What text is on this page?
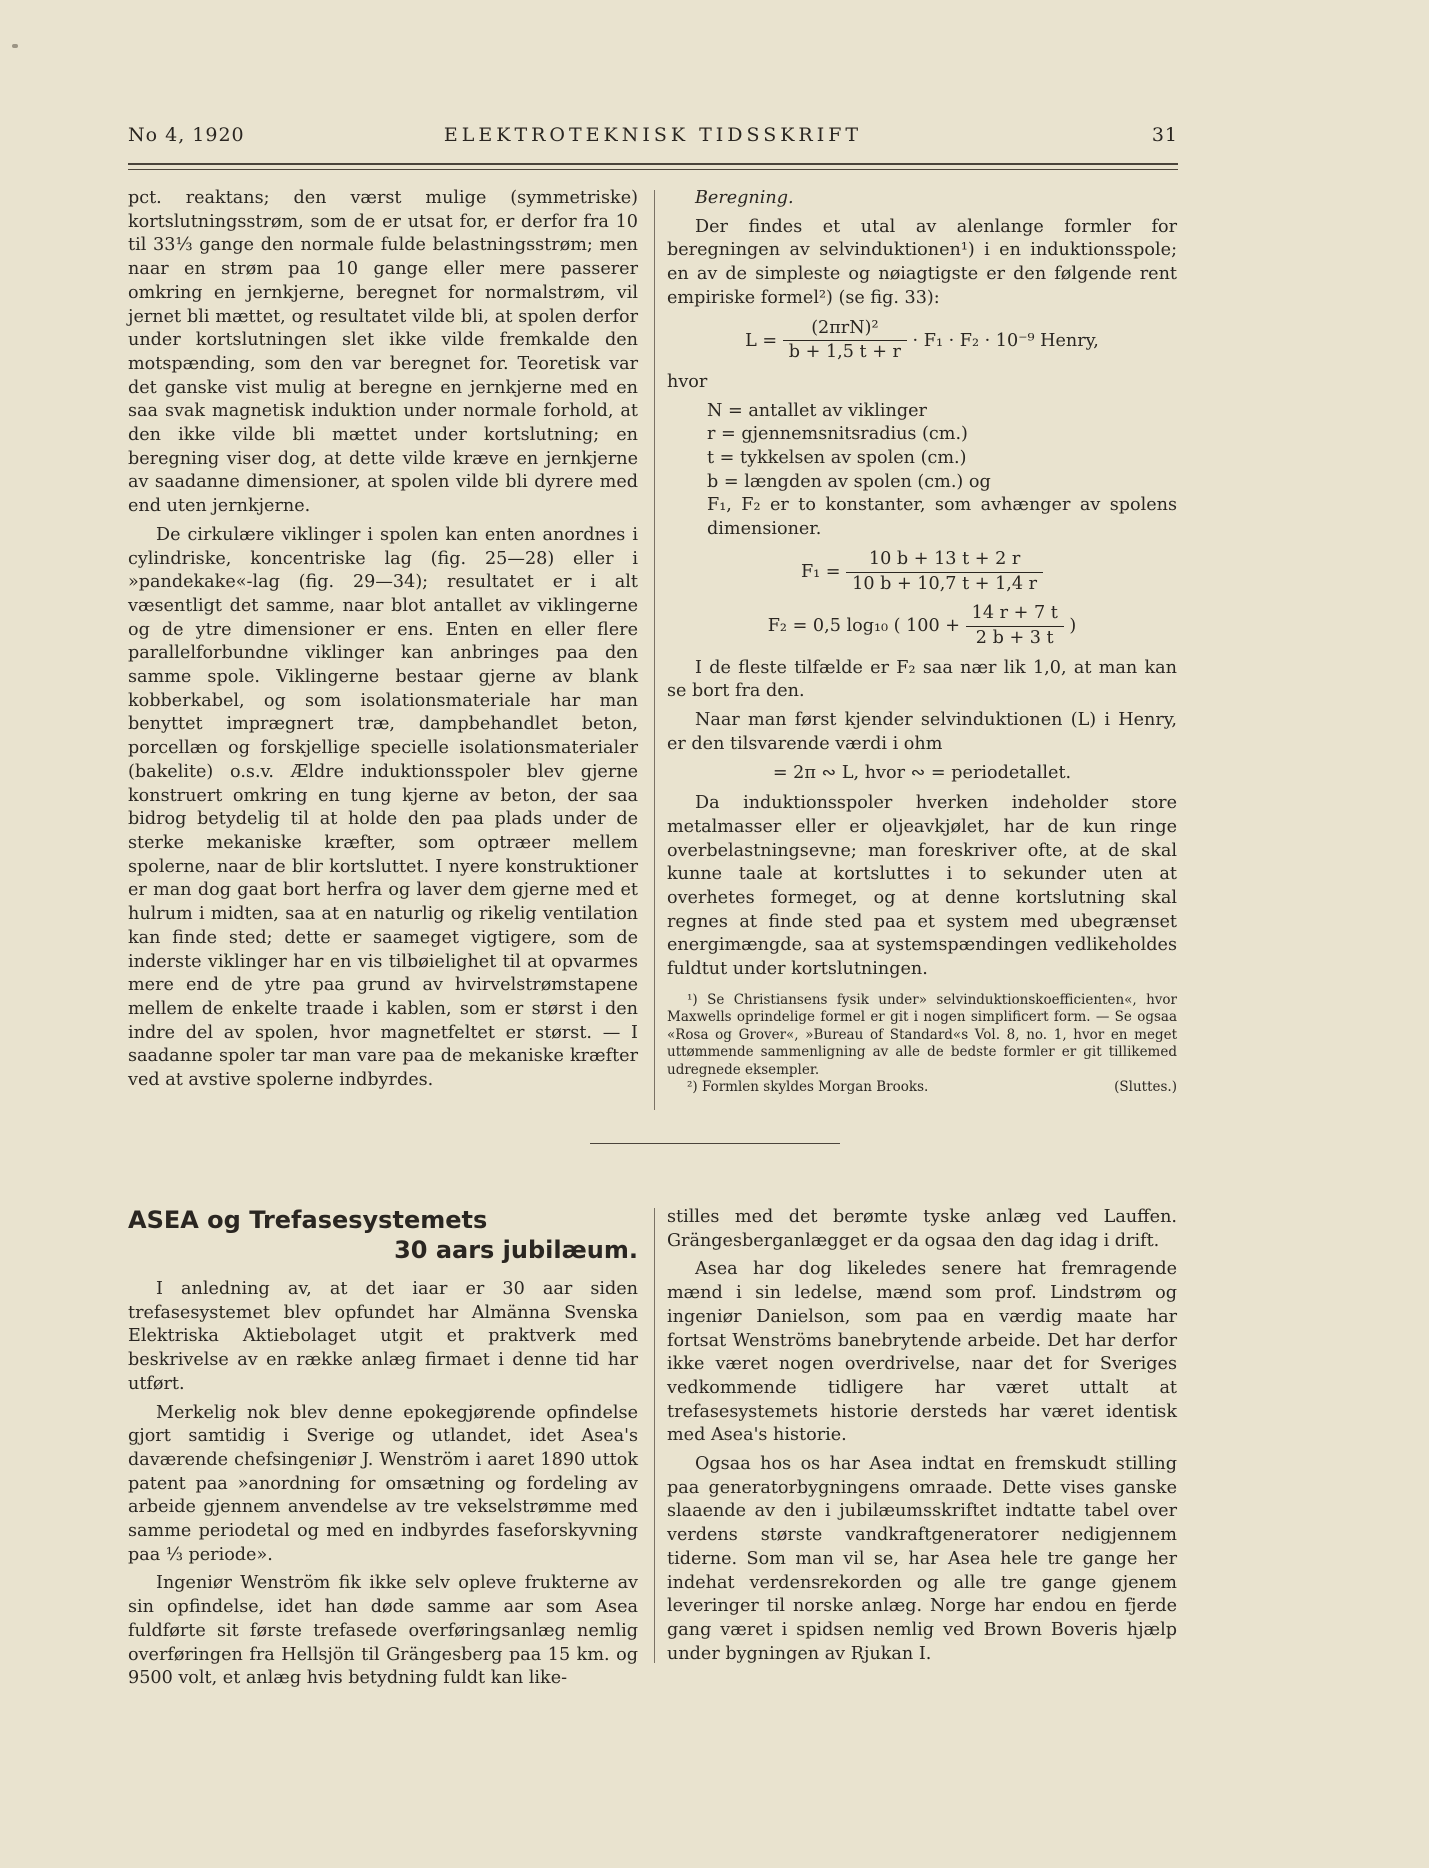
No 4, 1920	ELEKTROTEKNISK TIDSSKRIFT	31

pct. reaktans; den værst mulige (symmetriske) kortslutningsstrøm, som de er utsat for, er derfor fra 10 til 33⅓ gange den normale fulde belastningsstrøm; men naar en strøm paa 10 gange eller mere passerer omkring en jernkjerne, beregnet for normalstrøm, vil jernet bli mættet, og resultatet vilde bli, at spolen derfor under kortslutningen slet ikke vilde fremkalde den motspænding, som den var beregnet for. Teoretisk var det ganske vist mulig at beregne en jernkjerne med en saa svak magnetisk induktion under normale forhold, at den ikke vilde bli mættet under kortslutning; en beregning viser dog, at dette vilde kræve en jernkjerne av saadanne dimensioner, at spolen vilde bli dyrere med end uten jernkjerne.

De cirkulære viklinger i spolen kan enten anordnes i cylindriske, koncentriske lag (fig. 25—28) eller i »pandekake«-lag (fig. 29—34); resultatet er i alt væsentligt det samme, naar blot antallet av viklingerne og de ytre dimensioner er ens. Enten en eller flere parallelforbundne viklinger kan anbringes paa den samme spole. Viklingerne bestaar gjerne av blank kobberkabel, og som isolationsmateriale har man benyttet imprægnert træ, dampbehandlet beton, porcellæn og forskjellige specielle isolationsmaterialer (bakelite) o.s.v. Ældre induktionsspoler blev gjerne konstruert omkring en tung kjerne av beton, der saa bidrog betydelig til at holde den paa plads under de sterke mekaniske kræfter, som optræer mellem spolerne, naar de blir kortsluttet. I nyere konstruktioner er man dog gaat bort herfra og laver dem gjerne med et hulrum i midten, saa at en naturlig og rikelig ventilation kan finde sted; dette er saameget vigtigere, som de inderste viklinger har en vis tilbøielighet til at opvarmes mere end de ytre paa grund av hvirvelstrømstapene mellem de enkelte traade i kablen, som er størst i den indre del av spolen, hvor magnetfeltet er størst. — I saadanne spoler tar man vare paa de mekaniske kræfter ved at avstive spolerne indbyrdes.

Beregning.

Der findes et utal av alenlange formler for beregningen av selvinduktionen¹) i en induktionsspole; en av de simpleste og nøiagtigste er den følgende rent empiriske formel²) (se fig. 33):

$L = \frac{\text{(2πrN)²}}{b + 1,5 t + r} \cdot F_1 \cdot F_2 \cdot 10^{-9}$ Henry,

hvor

N = antallet av viklinger
r = gjennemsnitsradius (cm.)
t = tykkelsen av spolen (cm.)
b = længden av spolen (cm.) og
F₁, F₂ er to konstanter, som avhænger av spolens dimensioner.
$F_1 = \frac{10 b + 13 t + 2 r}{10 b + 10,7 t + 1,4 r}$
F₂ = 0,5 log₁₀ ( $100 + \frac{14 r + 7 t}{2 b + 3 t}$ )

I de fleste tilfælde er F₂ saa nær lik 1,0, at man kan se bort fra den.

Naar man først kjender selvinduktionen (L) i Henry, er den tilsvarende værdi i ohm

= 2π ∾ L, hvor ∾ = periodetallet.

Da induktionsspoler hverken indeholder store metalmasser eller er oljeavkjølet, har de kun ringe overbelastningsevne; man foreskriver ofte, at de skal kunne taale at kortsluttes i to sekunder uten at overhetes formeget, og at denne kortslutning skal regnes at finde sted paa et system med ubegrænset energimængde, saa at systemspændingen vedlikeholdes fuldtut under kortslutningen.

¹) Se Christiansens fysik under» selvinduktionskoefficienten«, hvor Maxwells oprindelige formel er git i nogen simplificert form. — Se ogsaa «Rosa og Grover«, »Bureau of Standard«s Vol. 8, no. 1, hvor en meget uttømmende sammenligning av alle de bedste formler er git tillikemed udregnede eksempler.

²) Formlen skyldes Morgan Brooks.	(Sluttes.)

ASEA og Trefasesystemets
30 aars jubilæum.

I anledning av, at det iaar er 30 aar siden trefasesystemet blev opfundet har Almänna Svenska Elektriska Aktiebolaget utgit et praktverk med beskrivelse av en række anlæg firmaet i denne tid har utført.

Merkelig nok blev denne epokegjørende opfindelse gjort samtidig i Sverige og utlandet, idet Asea's daværende chefsingeniør J. Wenström i aaret 1890 uttok patent paa »anordning for omsætning og fordeling av arbeide gjennem anvendelse av tre vekselstrømme med samme periodetal og med en indbyrdes faseforskyvning paa ⅓ periode».

Ingeniør Wenström fik ikke selv opleve frukterne av sin opfindelse, idet han døde samme aar som Asea fuldførte sit første trefasede overføringsanlæg nemlig overføringen fra Hellsjön til Grängesberg paa 15 km. og 9500 volt, et anlæg hvis betydning fuldt kan like-

stilles med det berømte tyske anlæg ved Lauffen. Grängesberganlægget er da ogsaa den dag idag i drift.

Asea har dog likeledes senere hat fremragende mænd i sin ledelse, mænd som prof. Lindstrøm og ingeniør Danielson, som paa en værdig maate har fortsat Wenströms banebrytende arbeide. Det har derfor ikke været nogen overdrivelse, naar det for Sveriges vedkommende tidligere har været uttalt at trefasesystemets historie dersteds har været identisk med Asea's historie.

Ogsaa hos os har Asea indtat en fremskudt stilling paa generatorbygningens omraade. Dette vises ganske slaaende av den i jubilæumsskriftet indtatte tabel over verdens største vandkraftgeneratorer nedigjennem tiderne. Som man vil se, har Asea hele tre gange her indehat verdensrekorden og alle tre gange gjenem leveringer til norske anlæg. Norge har endou en fjerde gang været i spidsen nemlig ved Brown Boveris hjælp under bygningen av Rjukan I.
